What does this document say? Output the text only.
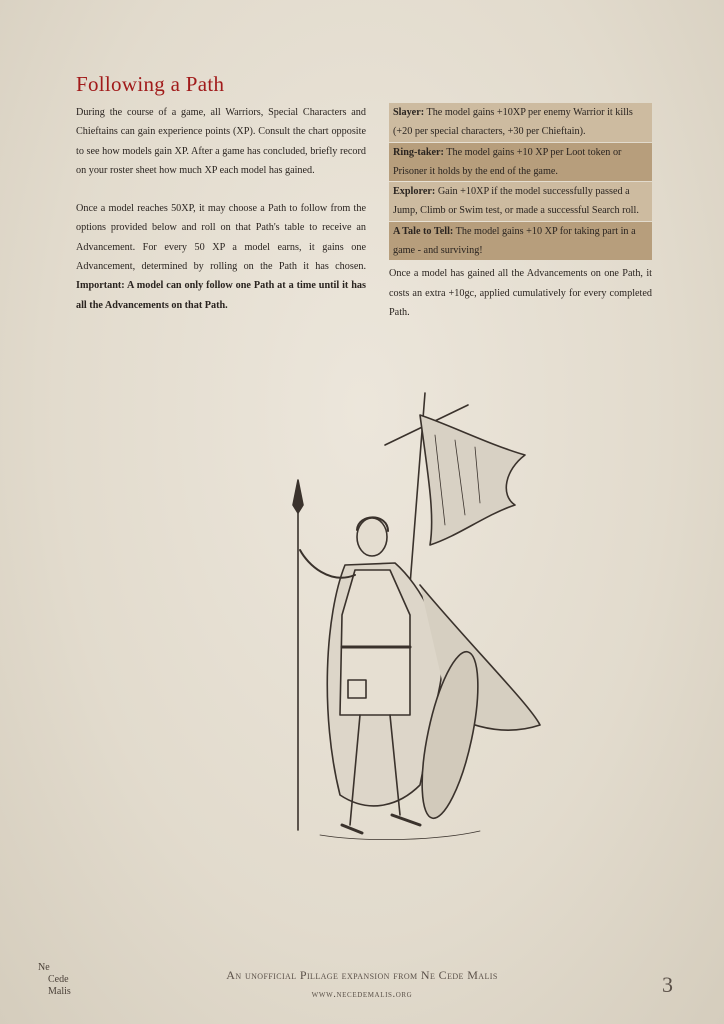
Following a Path

During the course of a game, all Warriors, Special Characters and Chieftains can gain experience points (XP). Consult the chart opposite to see how models gain XP. After a game has concluded, briefly record on your roster sheet how much XP each model has gained.

Once a model reaches 50XP, it may choose a Path to follow from the options provided below and roll on that Path's table to receive an Advancement. For every 50 XP a model earns, it gains one Advancement, determined by rolling on the Path it has chosen. Important: A model can only follow one Path at a time until it has all the Advancements on that Path.

Slayer: The model gains +10XP per enemy Warrior it kills (+20 per special characters, +30 per Chieftain).
Ring-taker: The model gains +10 XP per Loot token or Prisoner it holds by the end of the game.
Explorer: Gain +10XP if the model successfully passed a Jump, Climb or Swim test, or made a successful Search roll.
A Tale to Tell: The model gains +10 XP for taking part in a game - and surviving!
Once a model has gained all the Advancements on one Path, it costs an extra +10gc, applied cumulatively for every completed Path.
Ne
Cede
Malis
An unofficial Pillage expansion from Ne Cede Malis
www.necedemalis.org	3
